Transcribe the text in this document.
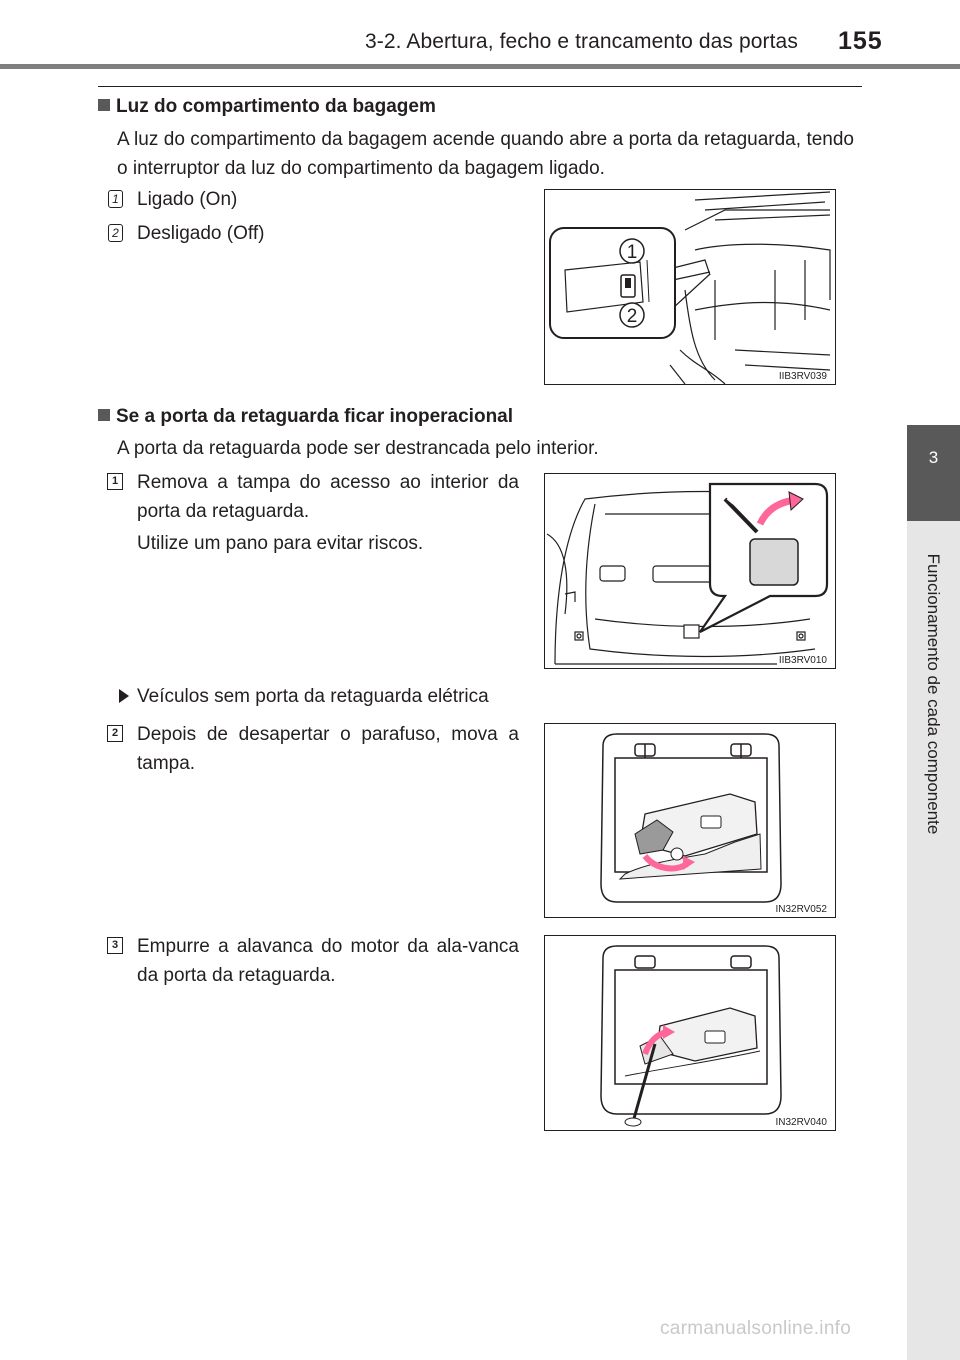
3-2. Abertura, fecho e trancamento das portas 155
3
Funcionamento de cada componente
Luz do compartimento da bagagem
A luz do compartimento da bagagem acende quando abre a porta da retaguarda, tendo o interruptor da luz do compartimento da bagagem ligado.
1 Ligado (On)
2 Desligado (Off)
1
2
IIB3RV039
Se a porta da retaguarda ficar inoperacional
A porta da retaguarda pode ser destrancada pelo interior.
1 Remova a tampa do acesso ao interior da porta da retaguarda.
Utilize um pano para evitar riscos.
IIB3RV010
Veículos sem porta da retaguarda elétrica
2 Depois de desapertar o parafuso, mova a tampa.
IN32RV052
3 Empurre a alavanca do motor da ala-vanca da porta da retaguarda.
IN32RV040
carmanualsonline.info
